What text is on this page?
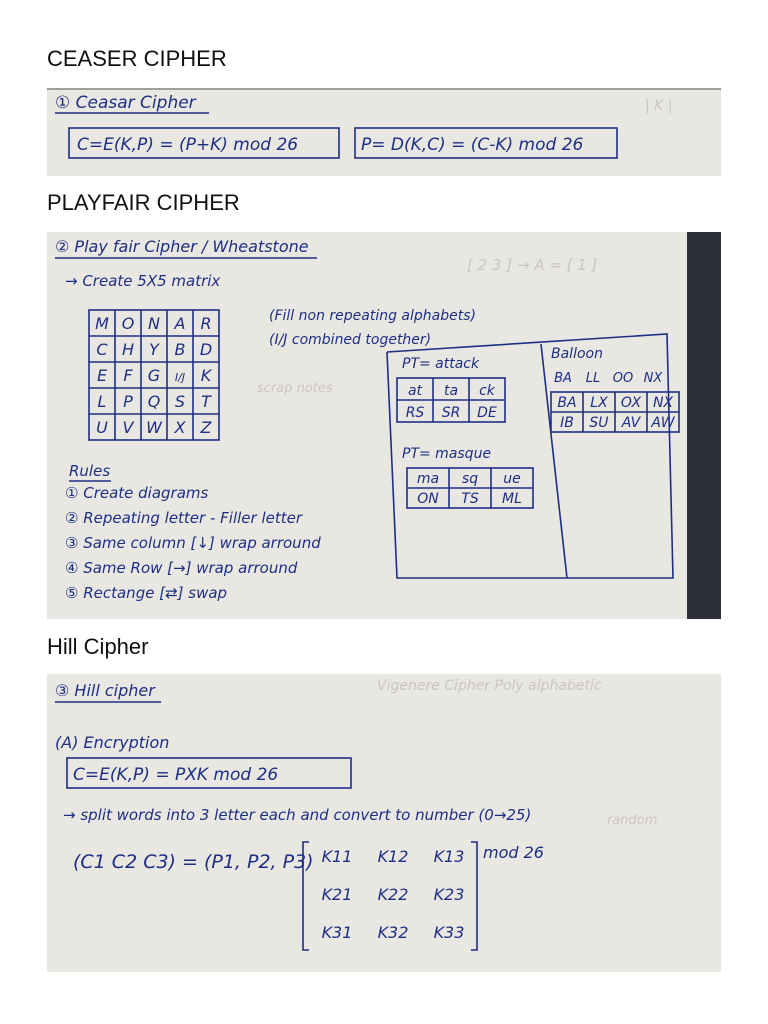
CEASER CIPHER
① Ceasar Cipher
C=E(K,P) = (P+K) mod 26	P= D(K,C) = (C-K) mod 26
| K |
PLAYFAIR CIPHER
[ 2 3 ] → A = [ 1 ]
scrap notes
② Play fair Cipher / Wheatstone
→ Create 5X5 matrix
M O N A R
C H Y B D
E F G I/J K
L P Q S T
U V W X Z
(Fill non repeating alphabets)
(I/J combined together)
Rules
① Create diagrams
② Repeating letter - Filler letter
③ Same column [↓] wrap arround
④ Same Row [→] wrap arround
⑤ Rectange [⇄] swap
PT= attack
at ta ck
RS SR DE
PT= masque
ma sq ue
ON TS ML
Balloon
BA LL OO NX
BA LX OX NX
IB SU AV AW
Hill Cipher
Vigenere Cipher Poly alphabetic
random
③ Hill cipher
(A) Encryption
C=E(K,P) = PXK mod 26
→ split words into 3 letter each and convert to number (0→25)
(C1 C2 C3) = (P1, P2, P3) K11 K12 K13
K21 K22 K23
K31 K32 K33
mod 26
